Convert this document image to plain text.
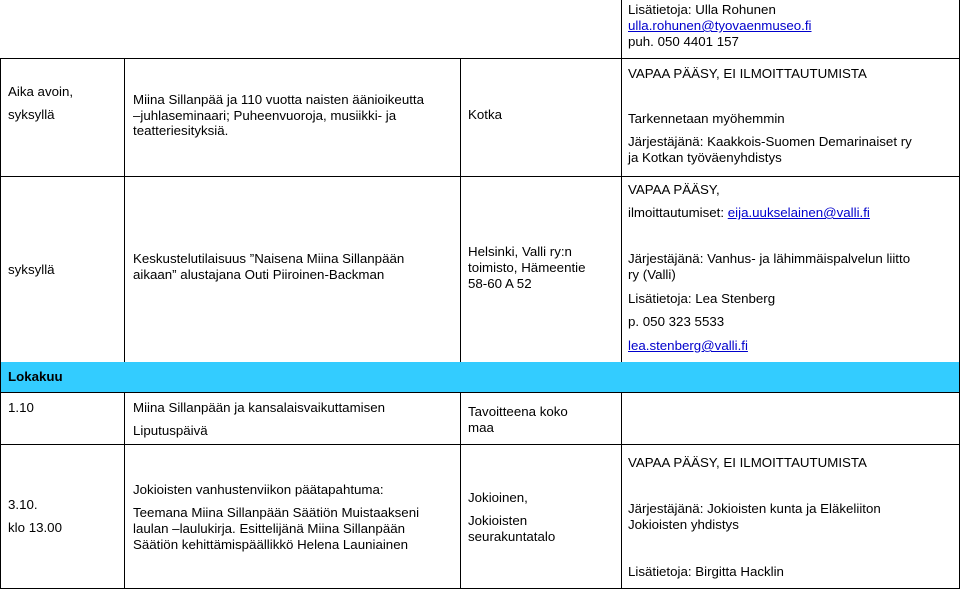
Lisätietoja: Ulla Rohunen
ulla.rohunen@tyovaenmuseo.fi
puh. 050 4401 157
Aika avoin,
syksyllä
Miina Sillanpää ja 110 vuotta naisten äänioikeutta
–juhlaseminaari; Puheenvuoroja, musiikki- ja
teatteriesityksiä.
Kotka
VAPAA PÄÄSY, EI ILMOITTAUTUMISTA
Tarkennetaan myöhemmin
Järjestäjänä: Kaakkois-Suomen Demarinaiset ry
ja Kotkan työväenyhdistys
syksyllä
Keskustelutilaisuus ”Naisena Miina Sillanpään
aikaan” alustajana Outi Piiroinen-Backman
Helsinki, Valli ry:n
toimisto, Hämeentie
58-60 A 52
VAPAA PÄÄSY,
ilmoittautumiset: eija.uukselainen@valli.fi
Järjestäjänä: Vanhus- ja lähimmäispalvelun liitto
ry (Valli)
Lisätietoja: Lea Stenberg
p. 050 323 5533
lea.stenberg@valli.fi
Lokakuu
1.10	Miina Sillanpään ja kansalaisvaikuttamisen
Liputuspäivä
Tavoitteena koko
maa
3.10.
klo 13.00
Jokioisten vanhustenviikon päätapahtuma:
Teemana Miina Sillanpään Säätiön Muistaakseni
laulan –laulukirja. Esittelijänä Miina Sillanpään
Säätiön kehittämispäällikkö Helena Launiainen
Jokioinen,
Jokioisten
seurakuntatalo
VAPAA PÄÄSY, EI ILMOITTAUTUMISTA
Järjestäjänä: Jokioisten kunta ja Eläkeliiton
Jokioisten yhdistys
Lisätietoja: Birgitta Hacklin
